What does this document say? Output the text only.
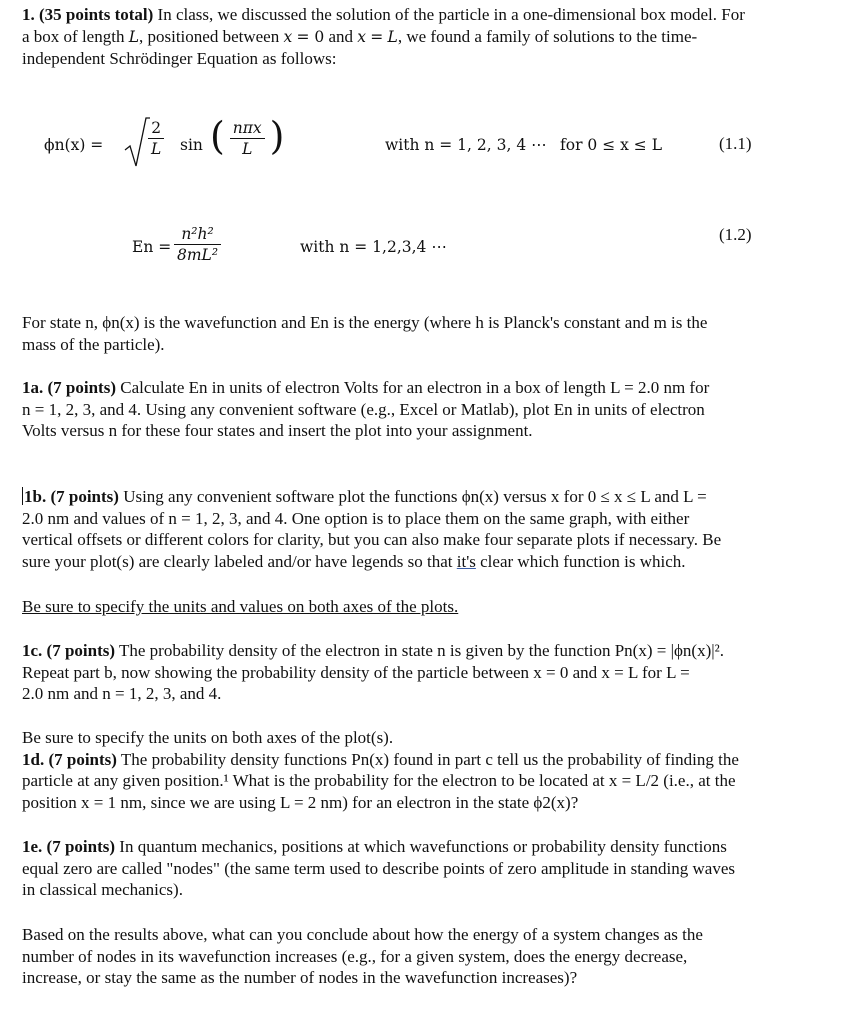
1. (35 points total) In class, we discussed the solution of the particle in a one-dimensional box model. For
a box of length L, positioned between x = 0 and x = L, we found a family of solutions to the time-
independent Schrödinger Equation as follows:
ϕn(x) =	$\frac{2}{L}$ sin ( $\frac{\text{nπx}}{L}$ )	with n = 1, 2, 3, 4 ⋯ for 0 ≤ x ≤ L	(1.1)
$En = \frac{\text{n²h²}}{\text{8mL²}}$	with n = 1,2,3,4 ⋯
(1.2)
For state n, ϕn(x) is the wavefunction and En is the energy (where h is Planck's constant and m is the
mass of the particle).
1a. (7 points) Calculate En in units of electron Volts for an electron in a box of length L = 2.0 nm for
n = 1, 2, 3, and 4. Using any convenient software (e.g., Excel or Matlab), plot En in units of electron
Volts versus n for these four states and insert the plot into your assignment.
1b. (7 points) Using any convenient software plot the functions ϕn(x) versus x for 0 ≤ x ≤ L and L =
2.0 nm and values of n = 1, 2, 3, and 4. One option is to place them on the same graph, with either
vertical offsets or different colors for clarity, but you can also make four separate plots if necessary. Be
sure your plot(s) are clearly labeled and/or have legends so that it's clear which function is which.
Be sure to specify the units and values on both axes of the plots.
1c. (7 points) The probability density of the electron in state n is given by the function Pn(x) = |ϕn(x)|².
Repeat part b, now showing the probability density of the particle between x = 0 and x = L for L =
2.0 nm and n = 1, 2, 3, and 4.
Be sure to specify the units on both axes of the plot(s).
1d. (7 points) The probability density functions Pn(x) found in part c tell us the probability of finding the
particle at any given position.¹ What is the probability for the electron to be located at x = L/2 (i.e., at the
position x = 1 nm, since we are using L = 2 nm) for an electron in the state ϕ2(x)?
1e. (7 points) In quantum mechanics, positions at which wavefunctions or probability density functions
equal zero are called "nodes" (the same term used to describe points of zero amplitude in standing waves
in classical mechanics).
Based on the results above, what can you conclude about how the energy of a system changes as the
number of nodes in its wavefunction increases (e.g., for a given system, does the energy decrease,
increase, or stay the same as the number of nodes in the wavefunction increases)?
